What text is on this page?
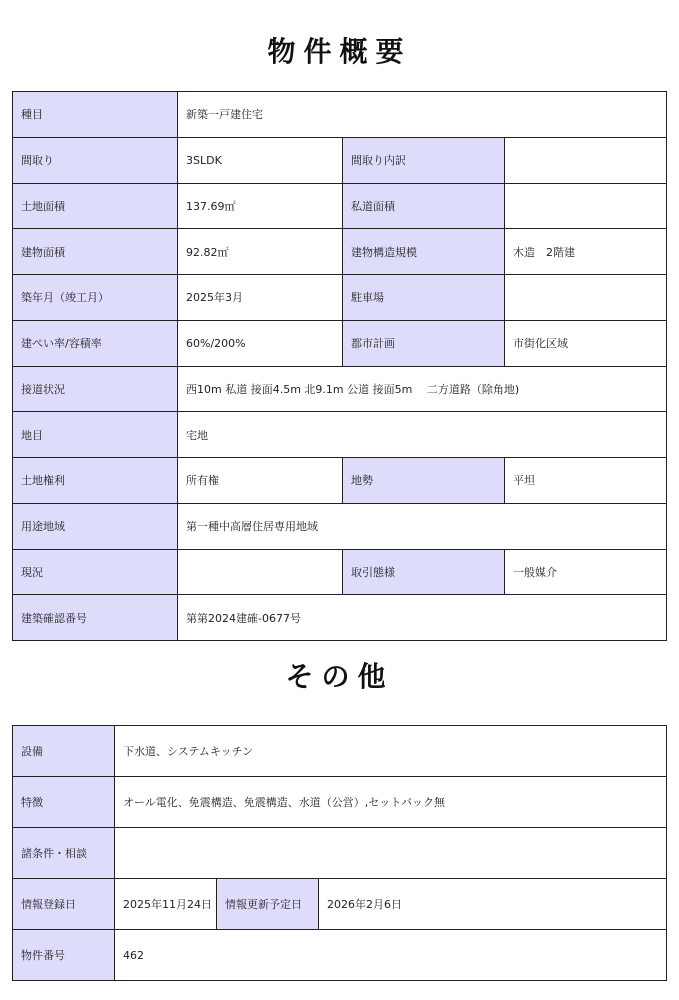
物件概要
種目	新築一戸建住宅		
間取り	3SLDK	間取り内訳	
土地面積	137.69㎡	私道面積	
建物面積	92.82㎡	建物構造規模	木造　2階建
築年月（竣工月）	2025年3月	駐車場	
建ぺい率/容積率	60%/200%	都市計画	市街化区域
接道状況	西10m 私道 接面4.5m 北9.1m 公道 接面5m　 二方道路（除角地)		
地目	宅地		
土地権利	所有権	地勢	平坦
用途地域	第一種中高層住居専用地域		
現況		取引態様	一般媒介
建築確認番号	第第2024建確-0677号		
その他
設備	下水道、システムキッチン		
特徴	オール電化、免震構造、免震構造、水道（公営）,セットバック無		
諸条件・相談			
情報登録日	2025年11月24日	情報更新予定日	2026年2月6日
物件番号	462		
